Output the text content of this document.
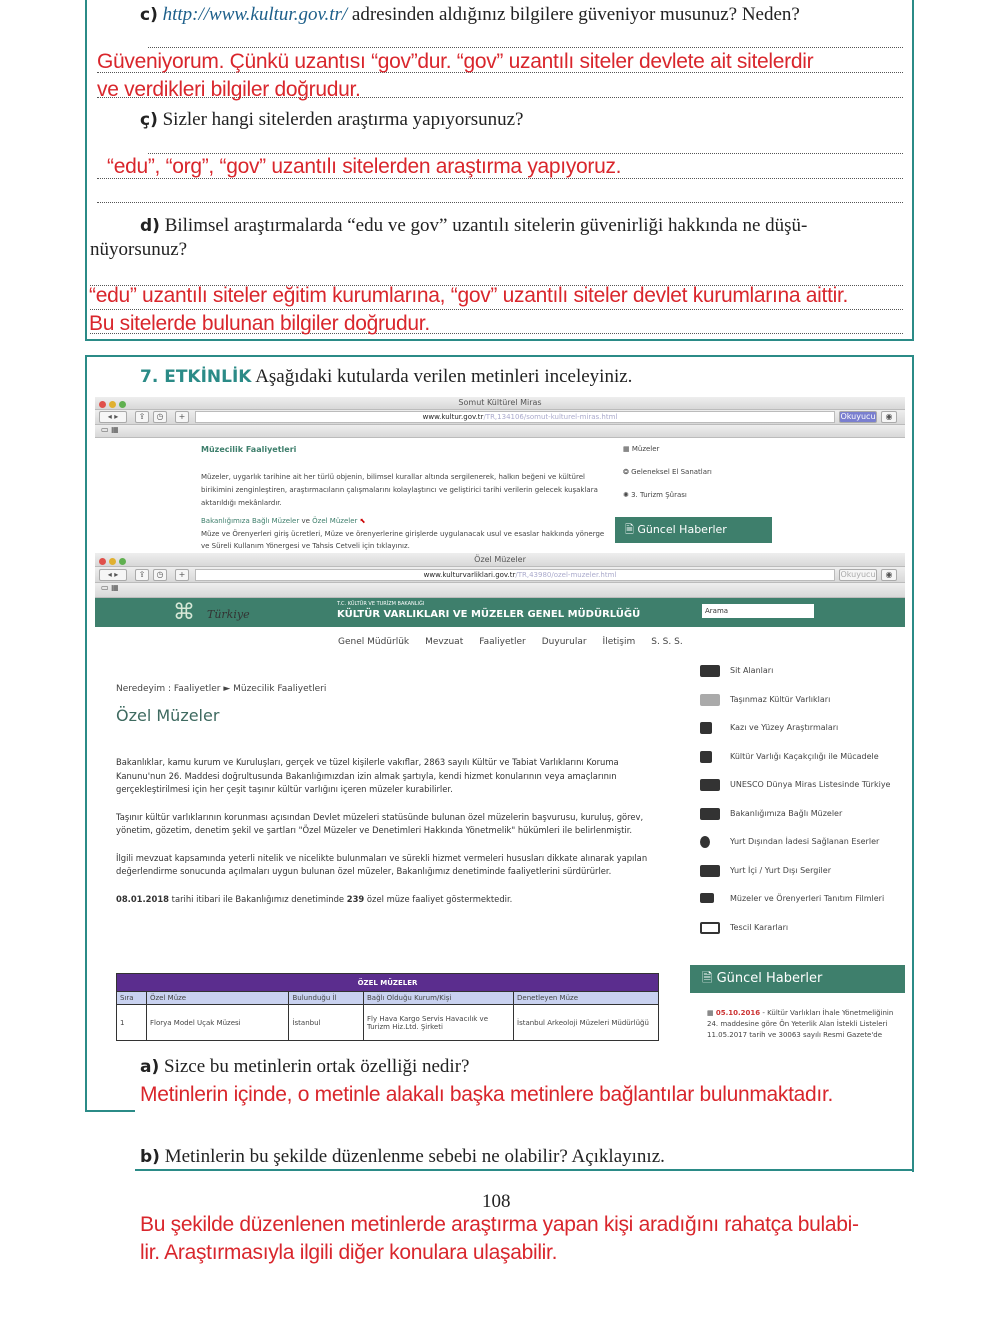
c) http://www.kultur.gov.tr/ adresinden aldığınız bilgilere güveniyor musunuz? Neden?
Güveniyorum. Çünkü uzantısı “gov”dur. “gov” uzantılı siteler devlete ait sitelerdir
ve verdikleri bilgiler doğrudur.
ç) Sizler hangi sitelerden araştırma yapıyorsunuz?
“edu”, “org”, “gov” uzantılı sitelerden araştırma yapıyoruz.
d) Bilimsel araştırmalarda “edu ve gov” uzantılı sitelerin güvenirliği hakkında ne düşü-
nüyorsunuz?
“edu” uzantılı siteler eğitim kurumlarına, “gov” uzantılı siteler devlet kurumlarına aittir.
Bu sitelerde bulunan bilgiler doğrudur.
7. ETKİNLİK Aşağıdaki kutularda verilen metinleri inceleyiniz.
Somut Kültürel Miras
◂ ▸	⇪	◷	+	www.kultur.gov.tr/TR,134106/somut-kulturel-miras.html	Okuyucu	◉
▭ ▦
Müzecilik Faaliyetleri
Müzeler, uygarlık tarihine ait her türlü objenin, bilimsel kurallar altında sergilenerek, halkın beğeni ve kültürel birikimini zenginleştiren, araştırmacıların çalışmalarını kolaylaştırıcı ve geliştirici tarihi verilerin gelecek kuşaklara aktarıldığı mekânlardır.
Bakanlığımıza Bağlı Müzeler ve Özel Müzeler ⬉
Müze ve Örenyerleri giriş ücretleri, Müze ve örenyerlerine girişlerde uygulanacak usul ve esaslar hakkında yönerge
ve Süreli Kullanım Yönergesi ve Tahsis Cetveli için tıklayınız.
▦ Müzeler
❂ Geleneksel El Sanatları
✺ 3. Turizm Şûrası
🗎 Güncel Haberler
Özel Müzeler
◂ ▸	⇪	◷	+	www.kulturvarliklari.gov.tr/TR,43980/ozel-muzeler.html	Okuyucu	◉
▭ ▦
⌘ Türkiye
T.C. KÜLTÜR VE TURİZM BAKANLIĞI
KÜLTÜR VARLIKLARI VE MÜZELER GENEL MÜDÜRLÜĞÜ	Arama
Genel Müdürlük Mevzuat Faaliyetler Duyurular İletişim S. S. S.
Neredeyim : Faaliyetler ► Müzecilik Faaliyetleri
Özel Müzeler

Bakanlıklar, kamu kurum ve Kuruluşları, gerçek ve tüzel kişilerle vakıflar, 2863 sayılı Kültür ve Tabiat Varlıklarını Koruma Kanunu'nun 26. Maddesi doğrultusunda Bakanlığımızdan izin almak şartıyla, kendi hizmet konularının veya amaçlarının gerçekleştirilmesi için her çeşit taşınır kültür varlığını içeren müzeler kurabilirler.

Taşınır kültür varlıklarının korunması açısından Devlet müzeleri statüsünde bulunan özel müzelerin başvurusu, kuruluş, görev, yönetim, gözetim, denetim şekil ve şartları "Özel Müzeler ve Denetimleri Hakkında Yönetmelik" hükümleri ile belirlenmiştir.

İlgili mevzuat kapsamında yeterli nitelik ve nicelikte bulunmaları ve sürekli hizmet vermeleri hususları dikkate alınarak yapılan değerlendirme sonucunda açılmaları uygun bulunan özel müzeler, Bakanlığımız denetiminde faaliyetlerini sürdürürler.

08.01.2018 tarihi itibari ile Bakanlığımız denetiminde 239 özel müze faaliyet göstermektedir.

Sit Alanları
Taşınmaz Kültür Varlıkları
Kazı ve Yüzey Araştırmaları
Kültür Varlığı Kaçakçılığı ile Mücadele
UNESCO Dünya Miras Listesinde Türkiye
Bakanlığımıza Bağlı Müzeler
Yurt Dışından İadesi Sağlanan Eserler
Yurt İçi / Yurt Dışı Sergiler
Müzeler ve Örenyerleri Tanıtım Filmleri
Tescil Kararları
ÖZEL MÜZELER				
Sıra	Özel Müze	Bulunduğu İl	Bağlı Olduğu Kurum/Kişi	Denetleyen Müze
1	Florya Model Uçak Müzesi	İstanbul	Fly Hava Kargo Servis Havacılık ve Turizm Hiz.Ltd. Şirketi	İstanbul Arkeoloji Müzeleri Müdürlüğü
🗎 Güncel Haberler
▦ 05.10.2016 - Kültür Varlıkları İhale Yönetmeliğinin 24. maddesine göre Ön Yeterlik Alan İstekli Listeleri 11.05.2017 tarih ve 30063 sayılı Resmi Gazete'de
a) Sizce bu metinlerin ortak özelliği nedir?
Metinlerin içinde, o metinle alakalı başka metinlere bağlantılar bulunmaktadır.
b) Metinlerin bu şekilde düzenlenme sebebi ne olabilir? Açıklayınız.
108
Bu şekilde düzenlenen metinlerde araştırma yapan kişi aradığını rahatça bulabi-
lir. Araştırmasıyla ilgili diğer konulara ulaşabilir.
